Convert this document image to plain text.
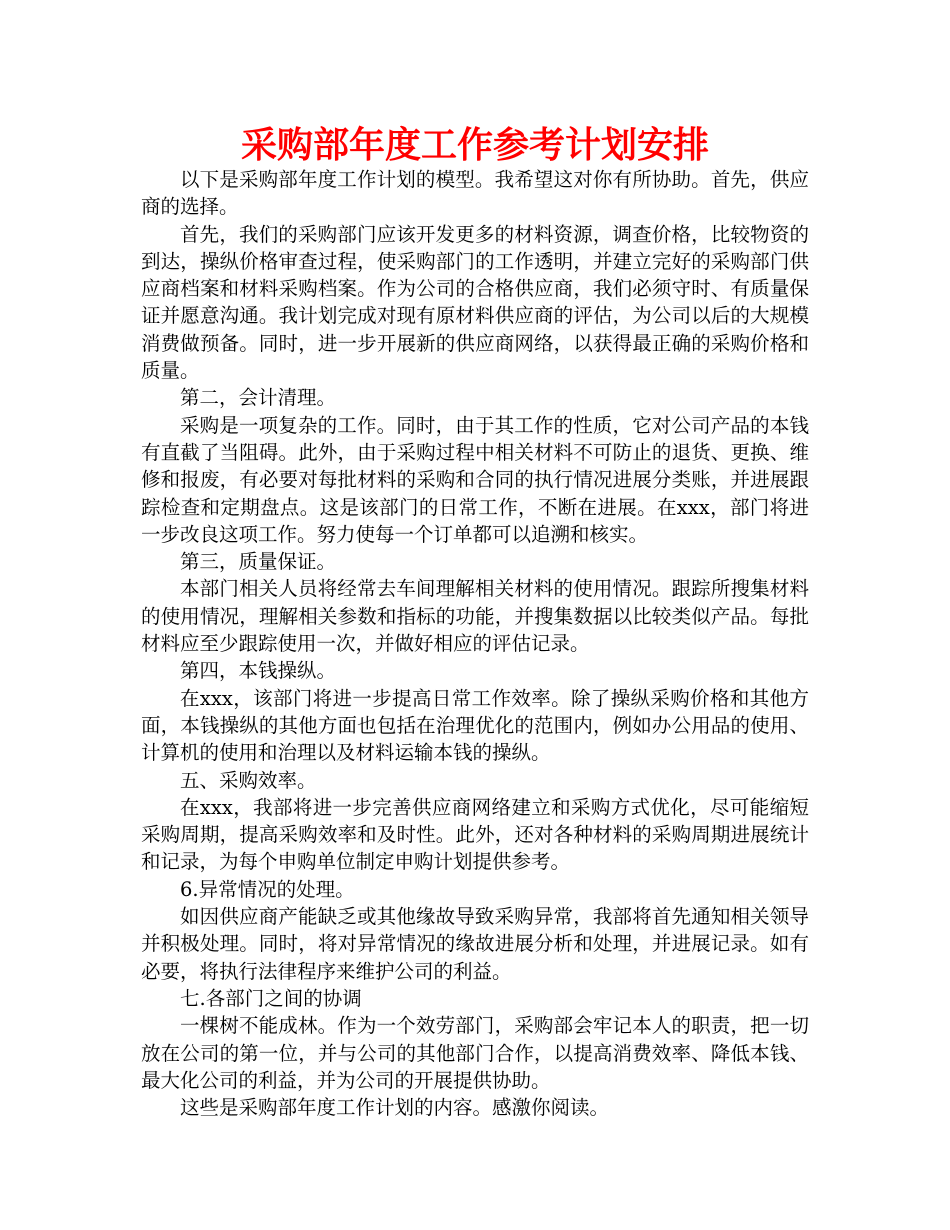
采购部年度工作参考计划安排

以下是采购部年度工作计划的模型。我希望这对你有所协助。首先，供应商的选择。

首先，我们的采购部门应该开发更多的材料资源，调查价格，比较物资的到达，操纵价格审查过程，使采购部门的工作透明，并建立完好的采购部门供应商档案和材料采购档案。作为公司的合格供应商，我们必须守时、有质量保证并愿意沟通。我计划完成对现有原材料供应商的评估，为公司以后的大规模消费做预备。同时，进一步开展新的供应商网络，以获得最正确的采购价格和质量。

第二，会计清理。

采购是一项复杂的工作。同时，由于其工作的性质，它对公司产品的本钱有直截了当阻碍。此外，由于采购过程中相关材料不可防止的退货、更换、维修和报废，有必要对每批材料的采购和合同的执行情况进展分类账，并进展跟踪检查和定期盘点。这是该部门的日常工作，不断在进展。在xxx，部门将进一步改良这项工作。努力使每一个订单都可以追溯和核实。

第三，质量保证。

本部门相关人员将经常去车间理解相关材料的使用情况。跟踪所搜集材料的使用情况，理解相关参数和指标的功能，并搜集数据以比较类似产品。每批材料应至少跟踪使用一次，并做好相应的评估记录。

第四，本钱操纵。

在xxx，该部门将进一步提高日常工作效率。除了操纵采购价格和其他方面，本钱操纵的其他方面也包括在治理优化的范围内，例如办公用品的使用、计算机的使用和治理以及材料运输本钱的操纵。

五、采购效率。

在xxx，我部将进一步完善供应商网络建立和采购方式优化，尽可能缩短采购周期，提高采购效率和及时性。此外，还对各种材料的采购周期进展统计和记录，为每个申购单位制定申购计划提供参考。

6.异常情况的处理。

如因供应商产能缺乏或其他缘故导致采购异常，我部将首先通知相关领导并积极处理。同时，将对异常情况的缘故进展分析和处理，并进展记录。如有必要，将执行法律程序来维护公司的利益。

七.各部门之间的协调

一棵树不能成林。作为一个效劳部门，采购部会牢记本人的职责，把一切放在公司的第一位，并与公司的其他部门合作，以提高消费效率、降低本钱、最大化公司的利益，并为公司的开展提供协助。

这些是采购部年度工作计划的内容。感激你阅读。
